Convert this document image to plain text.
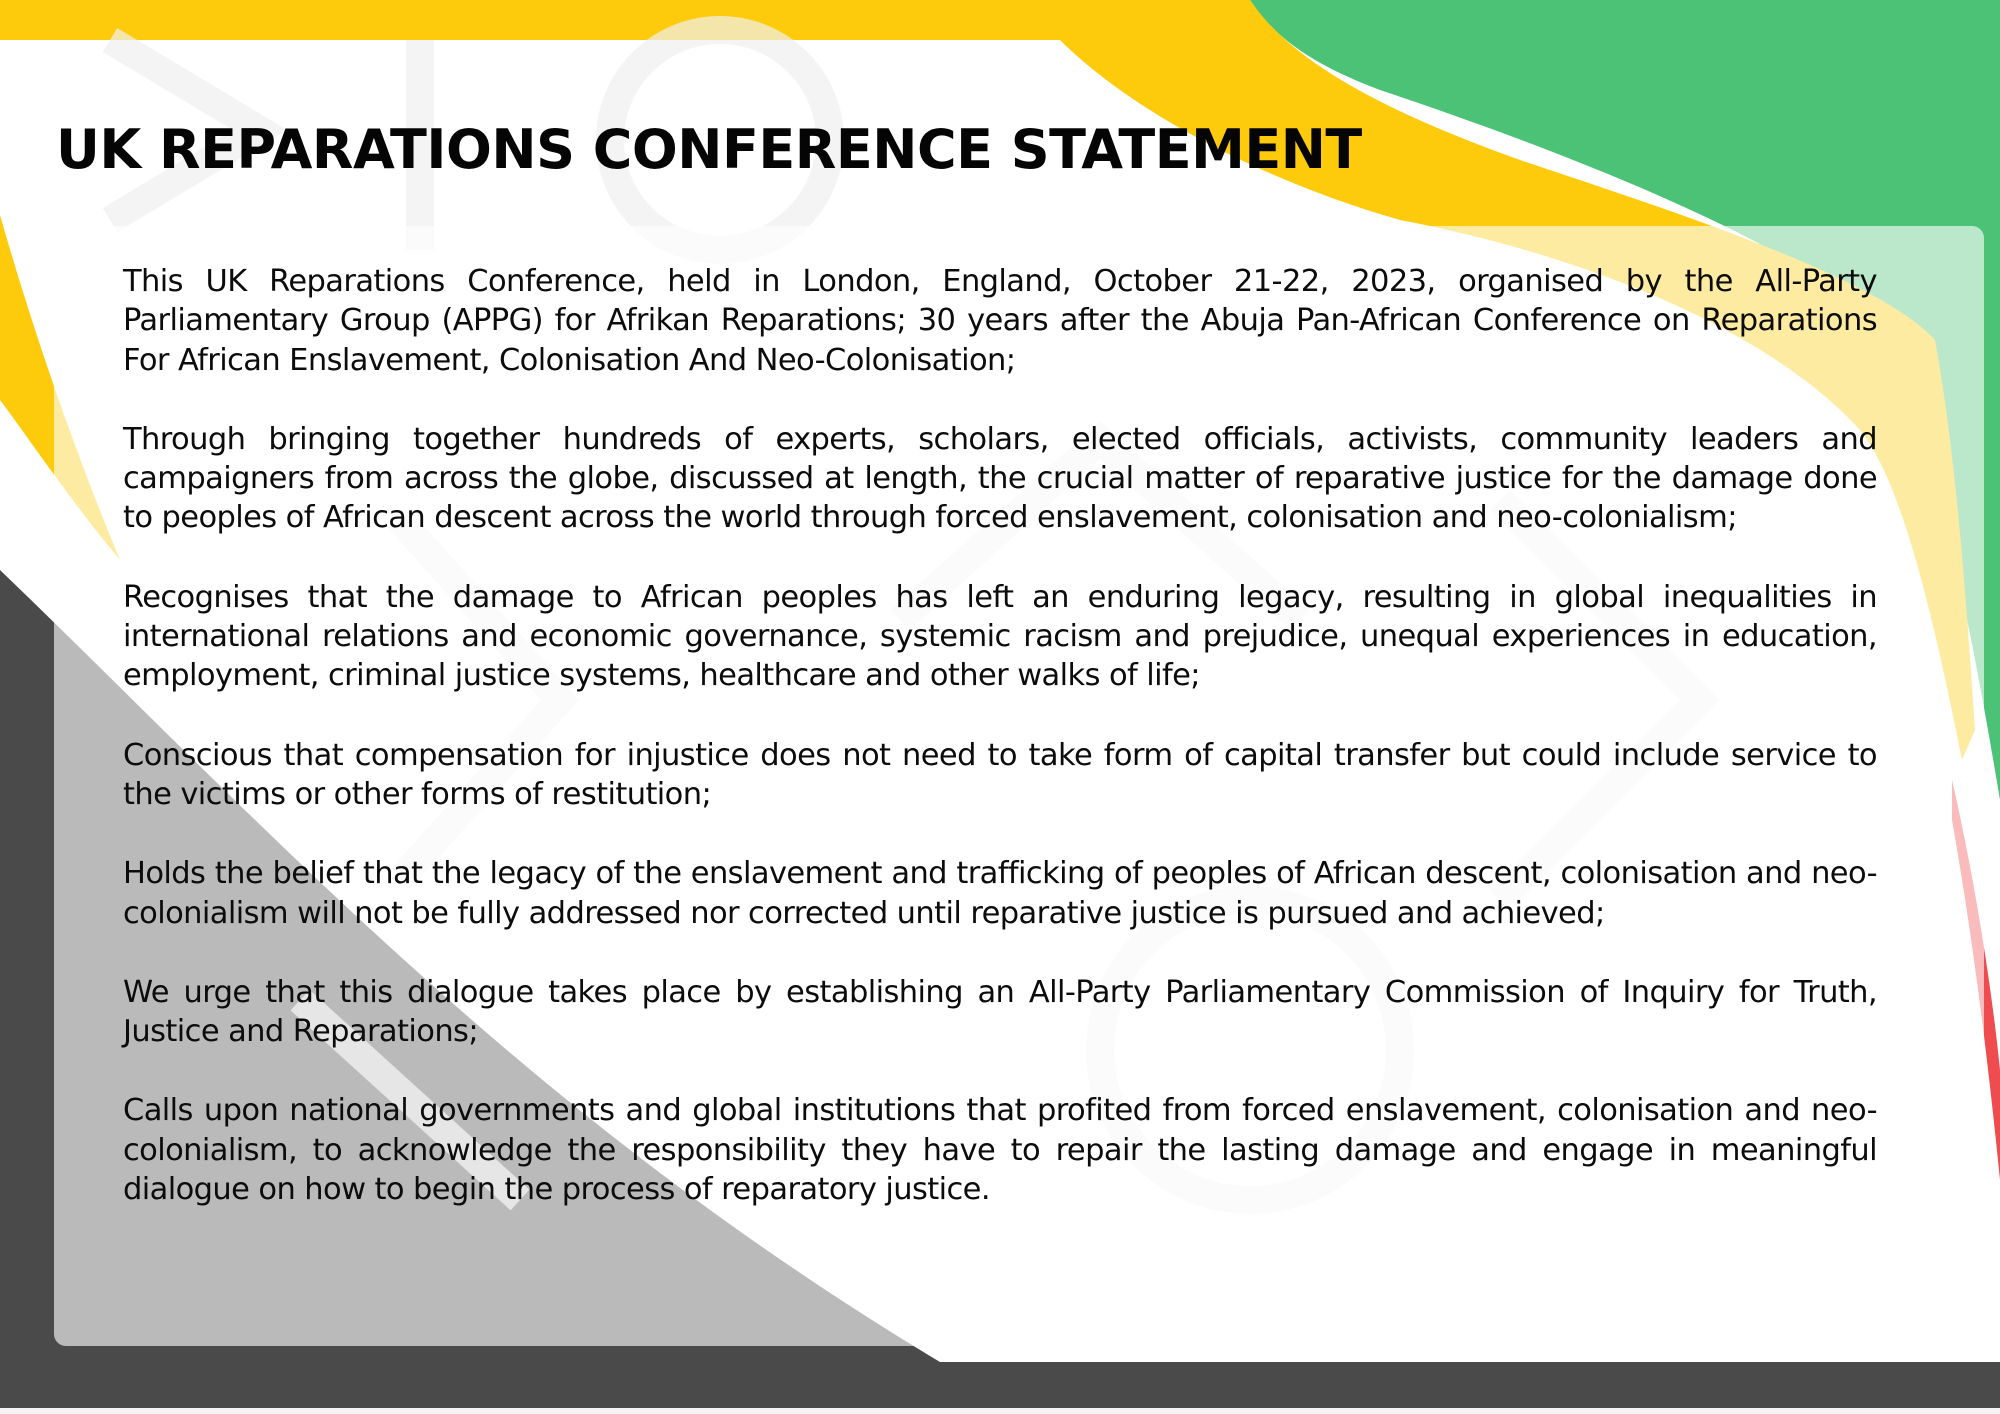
UK REPARATIONS CONFERENCE STATEMENT

This UK Reparations Conference, held in London, England, October 21-22, 2023, organised by the All-Party Parliamentary Group (APPG) for Afrikan Reparations; 30 years after the Abuja Pan-African Conference on Reparations For African Enslavement, Colonisation And Neo-Colonisation;

Through bringing together hundreds of experts, scholars, elected officials, activists, community leaders and campaigners from across the globe, discussed at length, the crucial matter of reparative justice for the damage done to peoples of African descent across the world through forced enslavement, colonisation and neo-colonialism;

Recognises that the damage to African peoples has left an enduring legacy, resulting in global inequalities in international relations and economic governance, systemic racism and prejudice, unequal experiences in education, employment, criminal justice systems, healthcare and other walks of life;

Conscious that compensation for injustice does not need to take form of capital transfer but could include service to the victims or other forms of restitution;

Holds the belief that the legacy of the enslavement and trafficking of peoples of African descent, colonisation and neo-colonialism will not be fully addressed nor corrected until reparative justice is pursued and achieved;

We urge that this dialogue takes place by establishing an All-Party Parliamentary Commission of Inquiry for Truth, Justice and Reparations;

Calls upon national governments and global institutions that profited from forced enslavement, colonisation and neo-colonialism, to acknowledge the responsibility they have to repair the lasting damage and engage in meaningful dialogue on how to begin the process of reparatory justice.
